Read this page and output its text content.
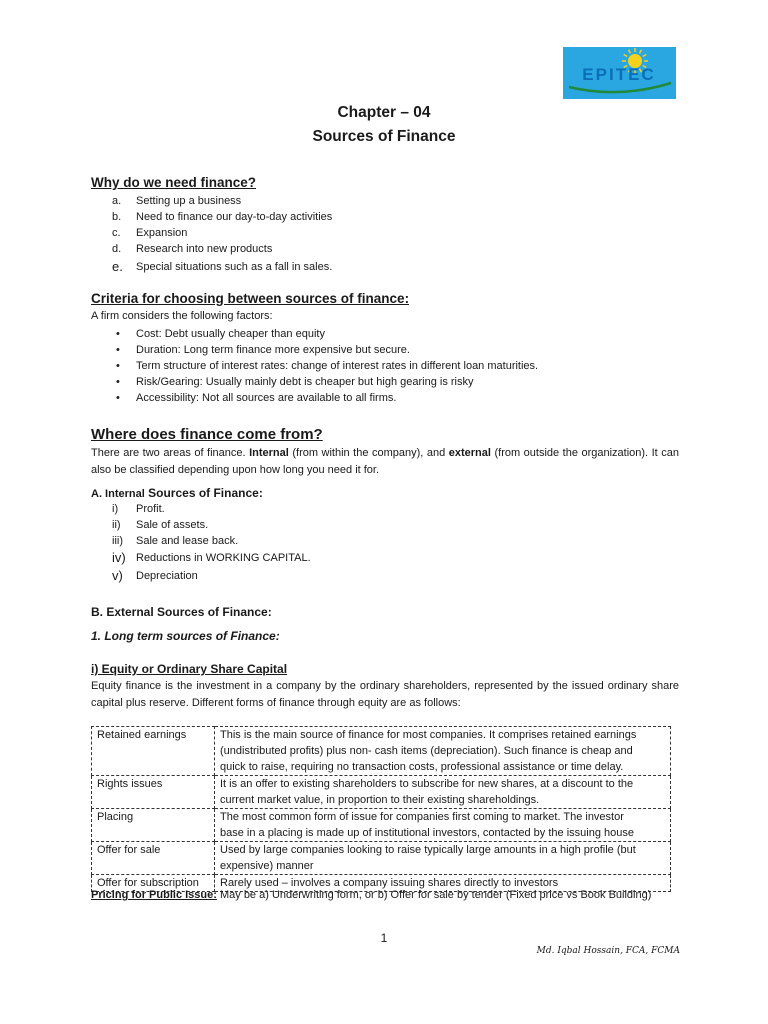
EPITEC
Chapter – 04
Sources of Finance
Why do we need finance?
a.	Setting up a business
b.	Need to finance our day-to-day activities
c.	Expansion
d.	Research into new products
e.	Special situations such as a fall in sales.
Criteria for choosing between sources of finance:
A firm considers the following factors:
•	Cost: Debt usually cheaper than equity
•	Duration: Long term finance more expensive but secure.
•	Term structure of interest rates: change of interest rates in different loan maturities.
•	Risk/Gearing: Usually mainly debt is cheaper but high gearing is risky
•	Accessibility: Not all sources are available to all firms.
Where does finance come from?
There are two areas of finance. Internal (from within the company), and external (from outside the organization). It can also be classified depending upon how long you need it for.
A. Internal Sources of Finance:
i)	Profit.
ii)	Sale of assets.
iii)	Sale and lease back.
iv) Reductions in WORKING CAPITAL.
v)	Depreciation
B. External Sources of Finance:
1. Long term sources of Finance:
i) Equity or Ordinary Share Capital
Equity finance is the investment in a company by the ordinary shareholders, represented by the issued ordinary share capital plus reserve. Different forms of finance through equity are as follows:
Retained earnings	This is the main source of finance for most companies. It comprises retained earnings
(undistributed profits) plus non- cash items (depreciation). Such finance is cheap and
quick to raise, requiring no transaction costs, professional assistance or time delay.

Rights issues	It is an offer to existing shareholders to subscribe for new shares, at a discount to the
current market value, in proportion to their existing shareholdings.

Placing	The most common form of issue for companies first coming to market. The investor
base in a placing is made up of institutional investors, contacted by the issuing house

Offer for sale	Used by large companies looking to raise typically large amounts in a high profile (but
expensive) manner

Offer for subscription	Rarely used – involves a company issuing shares directly to investors
Pricing for Public Issue: May be a) Underwriting form, or b) Offer for sale by tender (Fixed price vs Book Building)
1
Md. Iqbal Hossain, FCA, FCMA
